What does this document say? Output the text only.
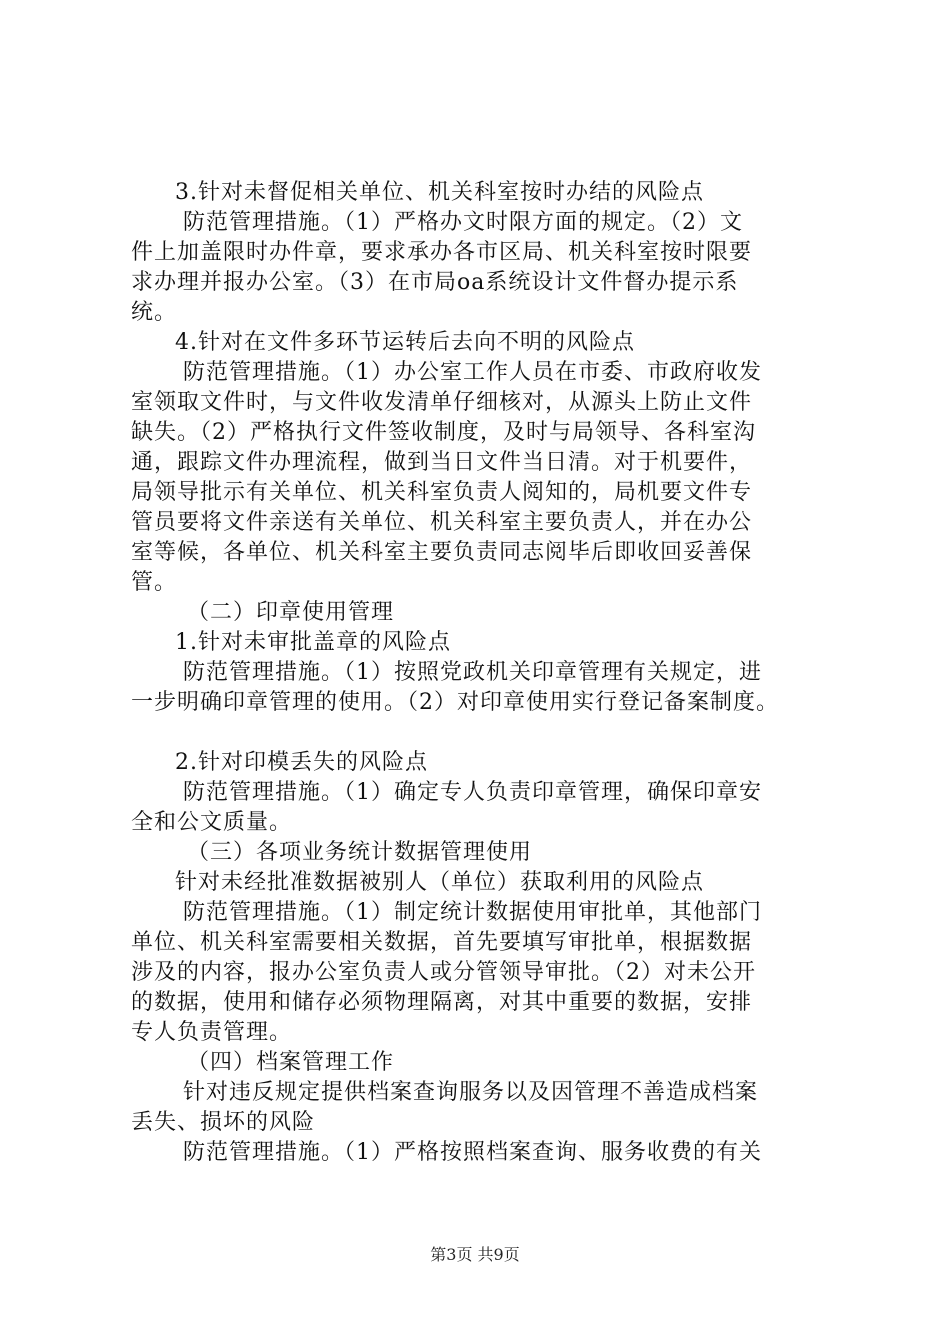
3.针对未督促相关单位、机关科室按时办结的风险点

防范管理措施。（1）严格办文时限方面的规定。（2）文

件上加盖限时办件章，要求承办各市区局、机关科室按时限要

求办理并报办公室。（3）在市局oa系统设计文件督办提示系

统。

4.针对在文件多环节运转后去向不明的风险点

防范管理措施。（1）办公室工作人员在市委、市政府收发

室领取文件时，与文件收发清单仔细核对，从源头上防止文件

缺失。（2）严格执行文件签收制度，及时与局领导、各科室沟

通，跟踪文件办理流程，做到当日文件当日清。对于机要件，

局领导批示有关单位、机关科室负责人阅知的，局机要文件专

管员要将文件亲送有关单位、机关科室主要负责人，并在办公

室等候，各单位、机关科室主要负责同志阅毕后即收回妥善保

管。

（二）印章使用管理

1.针对未审批盖章的风险点

防范管理措施。（1）按照党政机关印章管理有关规定，进

一步明确印章管理的使用。（2）对印章使用实行登记备案制度。

2.针对印模丢失的风险点

防范管理措施。（1）确定专人负责印章管理，确保印章安

全和公文质量。

（三）各项业务统计数据管理使用

针对未经批准数据被别人（单位）获取利用的风险点

防范管理措施。（1）制定统计数据使用审批单，其他部门

单位、机关科室需要相关数据，首先要填写审批单，根据数据

涉及的内容，报办公室负责人或分管领导审批。（2）对未公开

的数据，使用和储存必须物理隔离，对其中重要的数据，安排

专人负责管理。

（四）档案管理工作

针对违反规定提供档案查询服务以及因管理不善造成档案

丢失、损坏的风险

防范管理措施。（1）严格按照档案查询、服务收费的有关

第3页 共9页
